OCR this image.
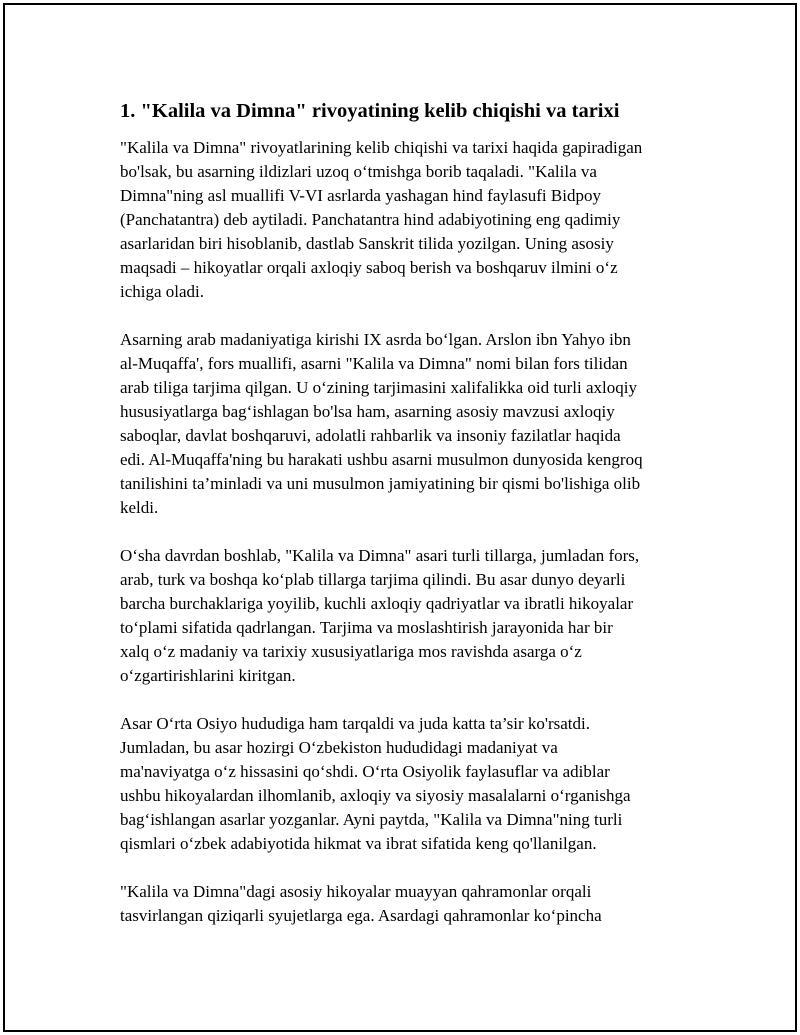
1. "Kalila va Dimna" rivoyatining kelib chiqishi va tarixi
"Kalila va Dimna" rivoyatlarining kelib chiqishi va tarixi haqida gapiradigan
bo'lsak, bu asarning ildizlari uzoq o‘tmishga borib taqaladi. "Kalila va
Dimna"ning asl muallifi V-VI asrlarda yashagan hind faylasufi Bidpoy
(Panchatantra) deb aytiladi. Panchatantra hind adabiyotining eng qadimiy
asarlaridan biri hisoblanib, dastlab Sanskrit tilida yozilgan. Uning asosiy
maqsadi – hikoyatlar orqali axloqiy saboq berish va boshqaruv ilmini o‘z
ichiga oladi.
Asarning arab madaniyatiga kirishi IX asrda bo‘lgan. Arslon ibn Yahyo ibn
al-Muqaffa', fors muallifi, asarni "Kalila va Dimna" nomi bilan fors tilidan
arab tiliga tarjima qilgan. U o‘zining tarjimasini xalifalikka oid turli axloqiy
hususiyatlarga bag‘ishlagan bo'lsa ham, asarning asosiy mavzusi axloqiy
saboqlar, davlat boshqaruvi, adolatli rahbarlik va insoniy fazilatlar haqida
edi. Al-Muqaffa'ning bu harakati ushbu asarni musulmon dunyosida kengroq
tanilishini ta’minladi va uni musulmon jamiyatining bir qismi bo'lishiga olib
keldi.
O‘sha davrdan boshlab, "Kalila va Dimna" asari turli tillarga, jumladan fors,
arab, turk va boshqa ko‘plab tillarga tarjima qilindi. Bu asar dunyo deyarli
barcha burchaklariga yoyilib, kuchli axloqiy qadriyatlar va ibratli hikoyalar
to‘plami sifatida qadrlangan. Tarjima va moslashtirish jarayonida har bir
xalq o‘z madaniy va tarixiy xususiyatlariga mos ravishda asarga o‘z
o‘zgartirishlarini kiritgan.
Asar O‘rta Osiyo hududiga ham tarqaldi va juda katta ta’sir ko'rsatdi.
Jumladan, bu asar hozirgi O‘zbekiston hududidagi madaniyat va
ma'naviyatga o‘z hissasini qo‘shdi. O‘rta Osiyolik faylasuflar va adiblar
ushbu hikoyalardan ilhomlanib, axloqiy va siyosiy masalalarni o‘rganishga
bag‘ishlangan asarlar yozganlar. Ayni paytda, "Kalila va Dimna"ning turli
qismlari o‘zbek adabiyotida hikmat va ibrat sifatida keng qo'llanilgan.
"Kalila va Dimna"dagi asosiy hikoyalar muayyan qahramonlar orqali
tasvirlangan qiziqarli syujetlarga ega. Asardagi qahramonlar ko‘pincha
